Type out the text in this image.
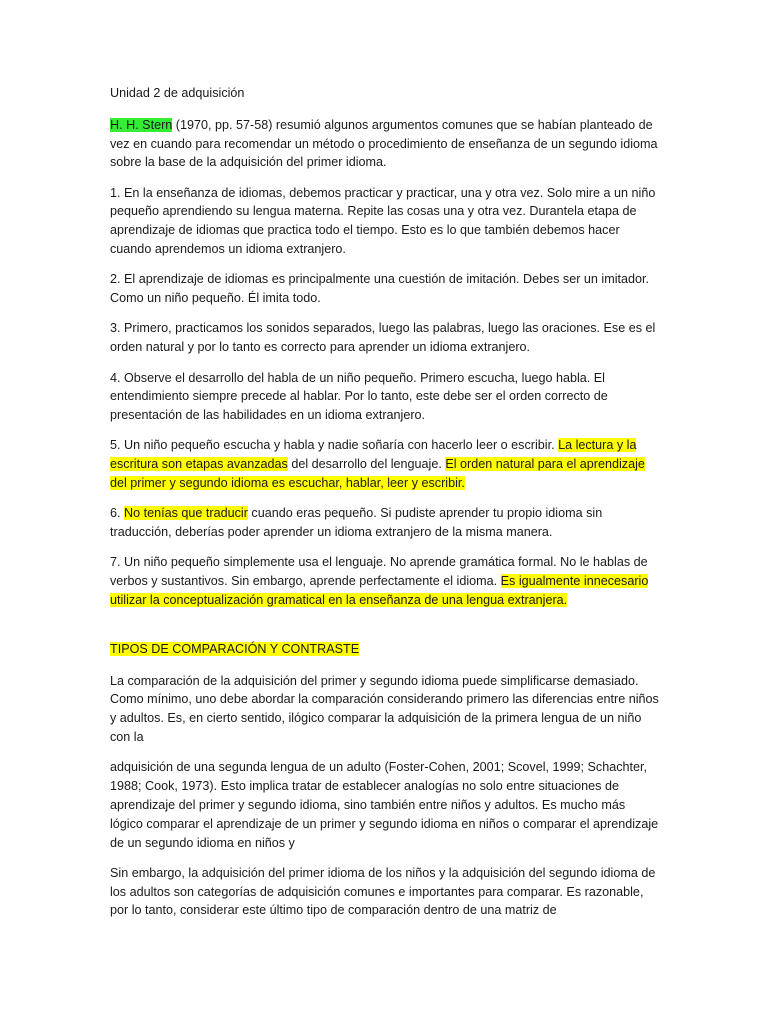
Unidad 2 de adquisición

H. H. Stern (1970, pp. 57-58) resumió algunos argumentos comunes que se habían planteado de vez en cuando para recomendar un método o procedimiento de enseñanza de un segundo idioma sobre la base de la adquisición del primer idioma.

1. En la enseñanza de idiomas, debemos practicar y practicar, una y otra vez. Solo mire a un niño pequeño aprendiendo su lengua materna. Repite las cosas una y otra vez. Durantela etapa de aprendizaje de idiomas que practica todo el tiempo. Esto es lo que también debemos hacer cuando aprendemos un idioma extranjero.

2. El aprendizaje de idiomas es principalmente una cuestión de imitación. Debes ser un imitador. Como un niño pequeño. Él imita todo.

3. Primero, practicamos los sonidos separados, luego las palabras, luego las oraciones. Ese es el orden natural y por lo tanto es correcto para aprender un idioma extranjero.

4. Observe el desarrollo del habla de un niño pequeño. Primero escucha, luego habla. El entendimiento siempre precede al hablar. Por lo tanto, este debe ser el orden correcto de presentación de las habilidades en un idioma extranjero.

5. Un niño pequeño escucha y habla y nadie soñaría con hacerlo leer o escribir. La lectura y la escritura son etapas avanzadas del desarrollo del lenguaje. El orden natural para el aprendizaje del primer y segundo idioma es escuchar, hablar, leer y escribir.

6. No tenías que traducir cuando eras pequeño. Si pudiste aprender tu propio idioma sin traducción, deberías poder aprender un idioma extranjero de la misma manera.

7. Un niño pequeño simplemente usa el lenguaje. No aprende gramática formal. No le hablas de verbos y sustantivos. Sin embargo, aprende perfectamente el idioma. Es igualmente innecesario utilizar la conceptualización gramatical en la enseñanza de una lengua extranjera.

TIPOS DE COMPARACIÓN Y CONTRASTE

La comparación de la adquisición del primer y segundo idioma puede simplificarse demasiado. Como mínimo, uno debe abordar la comparación considerando primero las diferencias entre niños y adultos. Es, en cierto sentido, ilógico comparar la adquisición de la primera lengua de un niño con la

adquisición de una segunda lengua de un adulto (Foster-Cohen, 2001; Scovel, 1999; Schachter, 1988; Cook, 1973). Esto implica tratar de establecer analogías no solo entre situaciones de aprendizaje del primer y segundo idioma, sino también entre niños y adultos. Es mucho más lógico comparar el aprendizaje de un primer y segundo idioma en niños o comparar el aprendizaje de un segundo idioma en niños y

Sin embargo, la adquisición del primer idioma de los niños y la adquisición del segundo idioma de los adultos son categorías de adquisición comunes e importantes para comparar. Es razonable, por lo tanto, considerar este último tipo de comparación dentro de una matriz de
